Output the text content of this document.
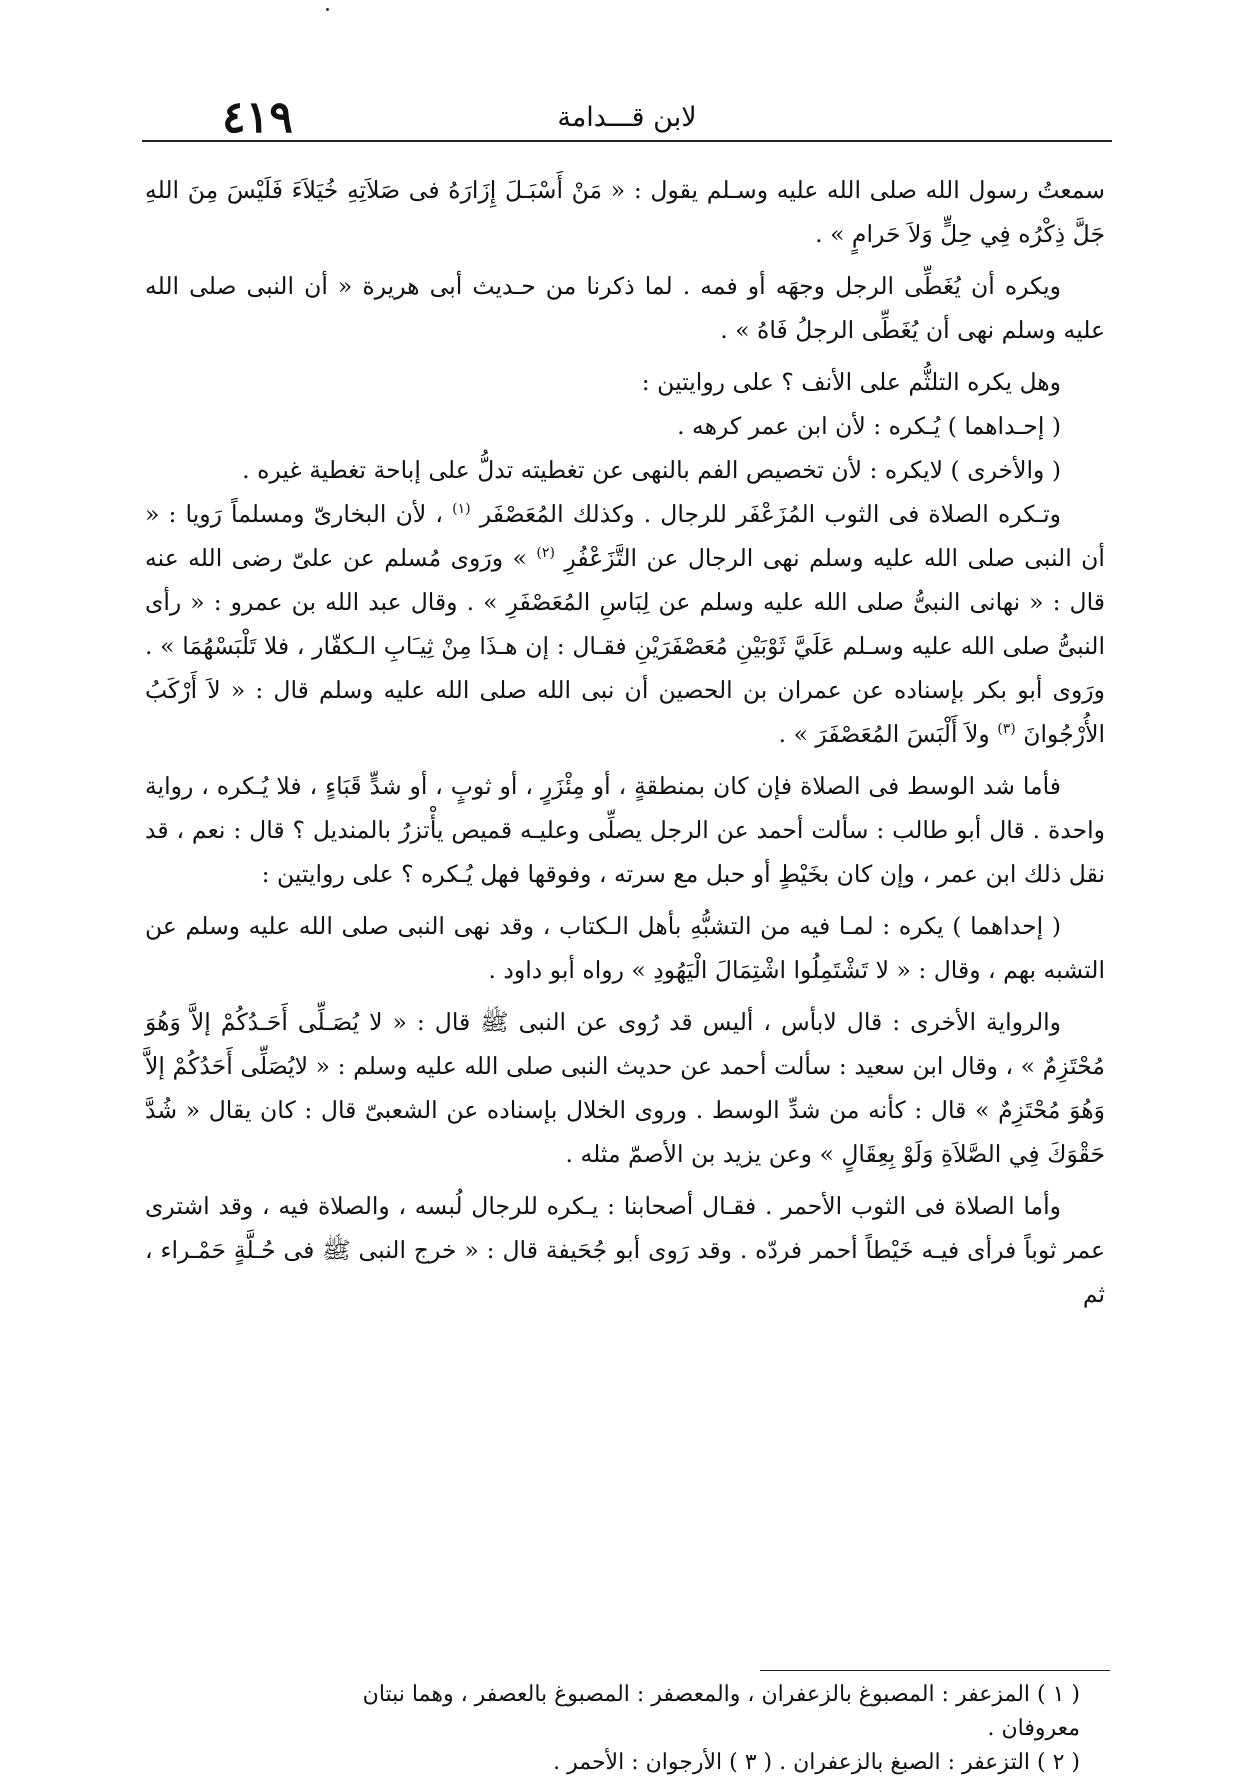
٤١٩	لابن قـــدامة

سمعتُ رسول الله صلى الله عليه وسـلم يقول : « مَنْ أَسْبَـلَ إِزَارَهُ فى صَلاَتِهِ خُيَلاَءَ فَلَيْسَ مِنَ اللهِ جَلَّ ذِكْرُه فِي حِلٍّ وَلاَ حَرامٍ » .

ويكره أن يُغَطِّى الرجل وجهَه أو فمه . لما ذكرنا من حـديث أبى هريرة « أن النبى صلى الله عليه وسلم نهى أن يُغَطِّى الرجلُ فَاهُ » .

وهل يكره التلثُّم على الأنف ؟ على روايتين :

( إحـداهما ) يُـكره : لأن ابن عمر كرهه .

( والأخرى ) لايكره : لأن تخصيص الفم بالنهى عن تغطيته تدلُّ على إباحة تغطية غيره .

وتـكره الصلاة فى الثوب المُزَعْفَر للرجال . وكذلك المُعَصْفَر $^{(١)}$ ، لأن البخارىّ ومسلماً رَويا : « أن النبى صلى الله عليه وسلم نهى الرجال عن التَّزَعْفُرِ $^{(٢)}$ » ورَوى مُسلم عن علىّ رضى الله عنه قال : « نهانى النبىُّ صلى الله عليه وسلم عن لِبَاسِ المُعَصْفَرِ » . وقال عبد الله بن عمرو : « رأى النبىُّ صلى الله عليه وسـلم عَلَيَّ ثَوْبَيْنِ مُعَصْفَرَيْنِ فقـال : إن هـذَا مِنْ ثِيـَابِ الـكفّار ، فلا تَلْبَسْهُمَا » . ورَوى أبو بكر بإسناده عن عمران بن الحصين أن نبى الله صلى الله عليه وسلم قال : « لاَ أَرْكَبُ الأُرْجُوانَ $^{(٣)}$ ولاَ أَلْبَسَ المُعَصْفَرَ » .

فأما شد الوسط فى الصلاة فإن كان بمنطقةٍ ، أو مِئْزَرٍ ، أو ثوبٍ ، أو شدٍّ قَبَاءٍ ، فلا يُـكره ، رواية واحدة . قال أبو طالب : سألت أحمد عن الرجل يصلِّى وعليـه قميص يأْتزرُ بالمنديل ؟ قال : نعم ، قد نقل ذلك ابن عمر ، وإن كان بخَيْطٍ أو حبل مع سرته ، وفوقها فهل يُـكره ؟ على روايتين :

( إحداهما ) يكره : لمـا فيه من التشبُّهِ بأهل الـكتاب ، وقد نهى النبى صلى الله عليه وسلم عن التشبه بهم ، وقال : « لا تَشْتَمِلُوا اشْتِمَالَ الْيَهُودِ » رواه أبو داود .

والرواية الأخرى : قال لابأس ، أليس قد رُوى عن النبى ﷺ قال : « لا يُصَـلِّى أَحَـدُكُمْ إلاَّ وَهُوَ مُحْتَزِمٌ » ، وقال ابن سعيد : سألت أحمد عن حديث النبى صلى الله عليه وسلم : « لايُصَلِّى أَحَدُكُمْ إلاَّ وَهُوَ مُحْتَزِمٌ » قال : كأنه من شدِّ الوسط . وروى الخلال بإسناده عن الشعبىّ قال : كان يقال « شُدَّ حَقْوَكَ فِي الصَّلاَةِ وَلَوْ بِعِقَالٍ » وعن يزيد بن الأصمّ مثله .

وأما الصلاة فى الثوب الأحمر . فقـال أصحابنا : يـكره للرجال لُبسه ، والصلاة فيه ، وقد اشترى عمر ثوباً فرأى فيـه خَيْطاً أحمر فردّه . وقد رَوى أبو جُحَيفة قال : « خرج النبى ﷺ فى حُـلَّةٍ حَمْـراء ، ثم

( ١ ) المزعفر : المصبوغ بالزعفران ، والمعصفر : المصبوغ بالعصفر ، وهما نبتان معروفان .

( ٢ ) التزعفر : الصبغ بالزعفران . ( ٣ ) الأرجوان : الأحمر .
